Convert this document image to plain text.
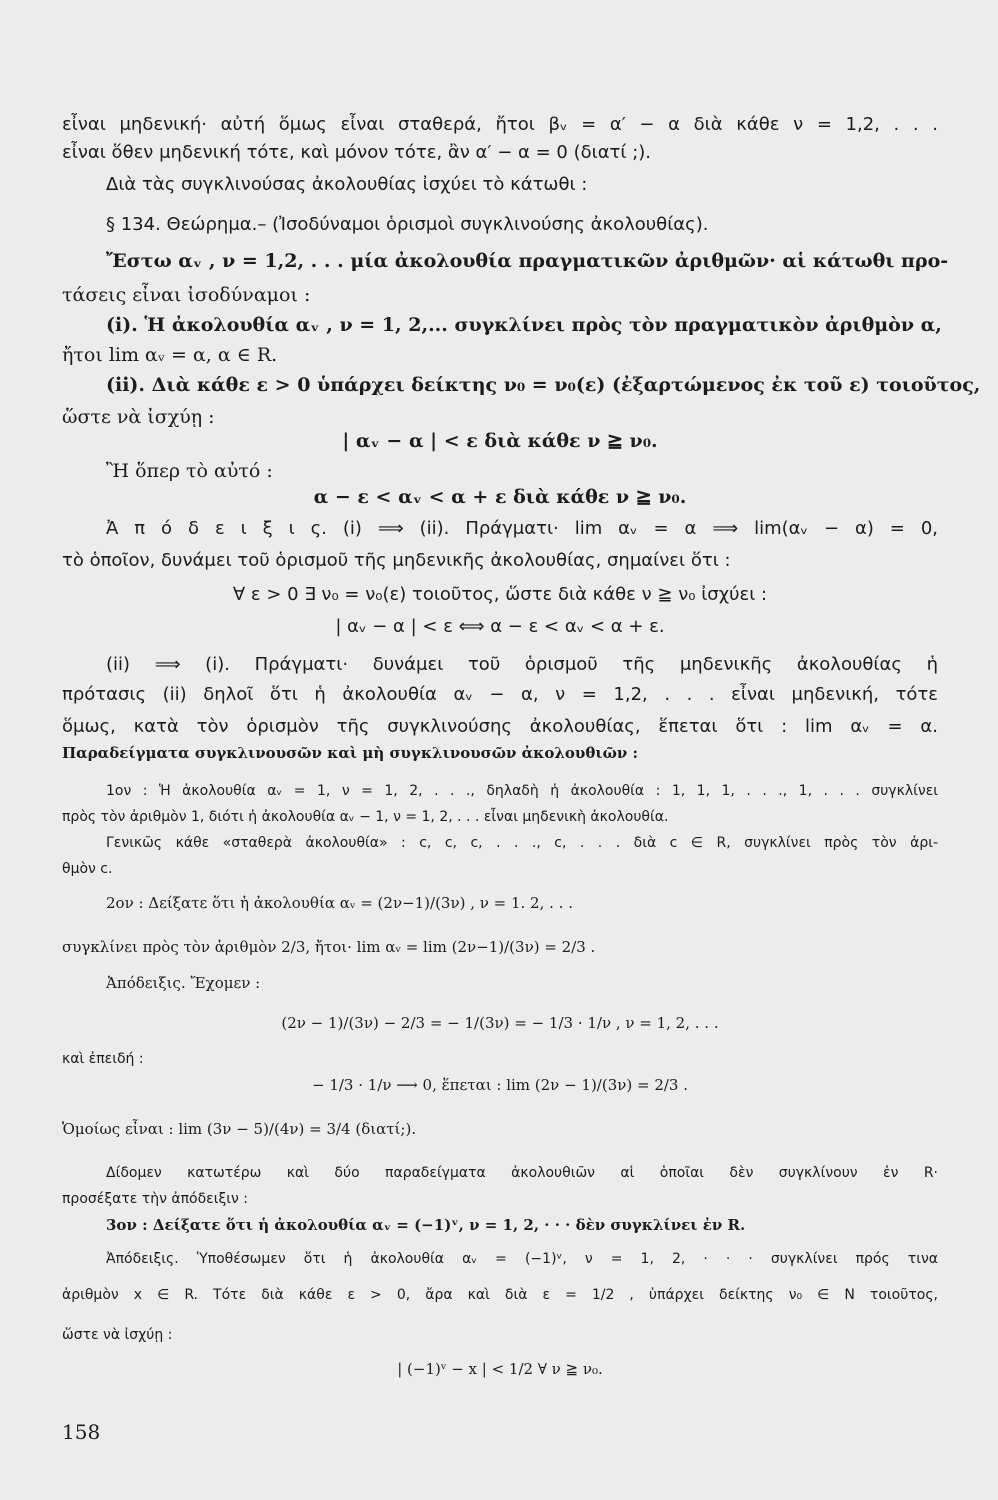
εἶναι μηδενική· αὐτή ὅμως εἶναι σταθερά, ἤτοι βᵥ = α′ − α διὰ κάθε ν = 1,2, . . .
εἶναι ὅθεν μηδενική τότε, καὶ μόνον τότε, ἂν α′ − α = 0 (διατί ;).
Διὰ τὰς συγκλινούσας ἀκολουθίας ἰσχύει τὸ κάτωθι :
§ 134. Θεώρημα.– (Ἰσοδύναμοι ὁρισμοὶ συγκλινούσης ἀκολουθίας).
Ἔστω αᵥ , ν = 1,2, . . . μία ἀκολουθία πραγματικῶν ἀριθμῶν· αἱ κάτωθι προ-
τάσεις εἶναι ἰσοδύναμοι :
(i). Ἡ ἀκολουθία αᵥ , ν = 1, 2,... συγκλίνει πρὸς τὸν πραγματικὸν ἀριθμὸν α,
ἤτοι lim αᵥ = α, α ∈ R.
(ii). Διὰ κάθε ε > 0 ὑπάρχει δείκτης ν₀ = ν₀(ε) (ἐξαρτώμενος ἐκ τοῦ ε) τοιοῦτος,
ὥστε νὰ ἰσχύῃ :
| αᵥ − α | < ε διὰ κάθε ν ≧ ν₀.
Ἢ ὅπερ τὸ αὐτό :
α − ε < αᵥ < α + ε διὰ κάθε ν ≧ ν₀.
Ἀ π ό δ ε ι ξ ι ς. (i) ⟹ (ii). Πράγματι· lim αᵥ = α ⟹ lim(αᵥ − α) = 0,
τὸ ὁποῖον, δυνάμει τοῦ ὁρισμοῦ τῆς μηδενικῆς ἀκολουθίας, σημαίνει ὅτι :
∀ ε > 0 ∃ ν₀ = ν₀(ε) τοιοῦτος, ὥστε διὰ κάθε ν ≧ ν₀ ἰσχύει :
| αᵥ − α | < ε ⟺ α − ε < αᵥ < α + ε.
(ii) ⟹ (i). Πράγματι· δυνάμει τοῦ ὁρισμοῦ τῆς μηδενικῆς ἀκολουθίας ἡ
πρότασις (ii) δηλοῖ ὅτι ἡ ἀκολουθία αᵥ − α, ν = 1,2, . . . εἶναι μηδενική, τότε
ὅμως, κατὰ τὸν ὁρισμὸν τῆς συγκλινούσης ἀκολουθίας, ἕπεται ὅτι : lim αᵥ = α.
Παραδείγματα συγκλινουσῶν καὶ μὴ συγκλινουσῶν ἀκολουθιῶν :
1ον : Ἡ ἀκολουθία αᵥ = 1, ν = 1, 2, . . ., δηλαδὴ ἡ ἀκολουθία : 1, 1, 1, . . ., 1, . . . συγκλίνει
πρὸς τὸν ἀριθμὸν 1, διότι ἡ ἀκολουθία αᵥ − 1, ν = 1, 2, . . . εἶναι μηδενικὴ ἀκολουθία.
Γενικῶς κάθε «σταθερὰ ἀκολουθία» : c, c, c, . . ., c, . . . διὰ c ∈ R, συγκλίνει πρὸς τὸν ἀρι-
θμὸν c.
2ον : Δείξατε ὅτι ἡ ἀκολουθία αᵥ = (2ν−1)/(3ν) , ν = 1. 2, . . .
συγκλίνει πρὸς τὸν ἀριθμὸν 2/3, ἤτοι· lim αᵥ = lim (2ν−1)/(3ν) = 2/3 .
Ἀπόδειξις. Ἔχομεν :
(2ν − 1)/(3ν) − 2/3 = − 1/(3ν) = − 1/3 · 1/ν , ν = 1, 2, . . .
καὶ ἐπειδή :
− 1/3 · 1/ν ⟶ 0, ἕπεται : lim (2ν − 1)/(3ν) = 2/3 .
Ὁμοίως εἶναι : lim (3ν − 5)/(4ν) = 3/4 (διατί;).
Δίδομεν κατωτέρω καὶ δύο παραδείγματα ἀκολουθιῶν αἱ ὁποῖαι δὲν συγκλίνουν ἐν R·
προσέξατε τὴν ἀπόδειξιν :
3ον : Δείξατε ὅτι ἡ ἀκολουθία αᵥ = (−1)ᵛ, ν = 1, 2, · · · δὲν συγκλίνει ἐν R.
Ἀπόδειξις. Ὑποθέσωμεν ὅτι ἡ ἀκολουθία αᵥ = (−1)ᵛ, ν = 1, 2, · · · συγκλίνει πρός τινα
ἀριθμὸν x ∈ R. Τότε διὰ κάθε ε > 0, ἄρα καὶ διὰ ε = 1/2 , ὑπάρχει δείκτης ν₀ ∈ N τοιοῦτος,
ὥστε νὰ ἰσχύῃ :
| (−1)ᵛ − x | < 1/2 ∀ ν ≧ ν₀.
158
